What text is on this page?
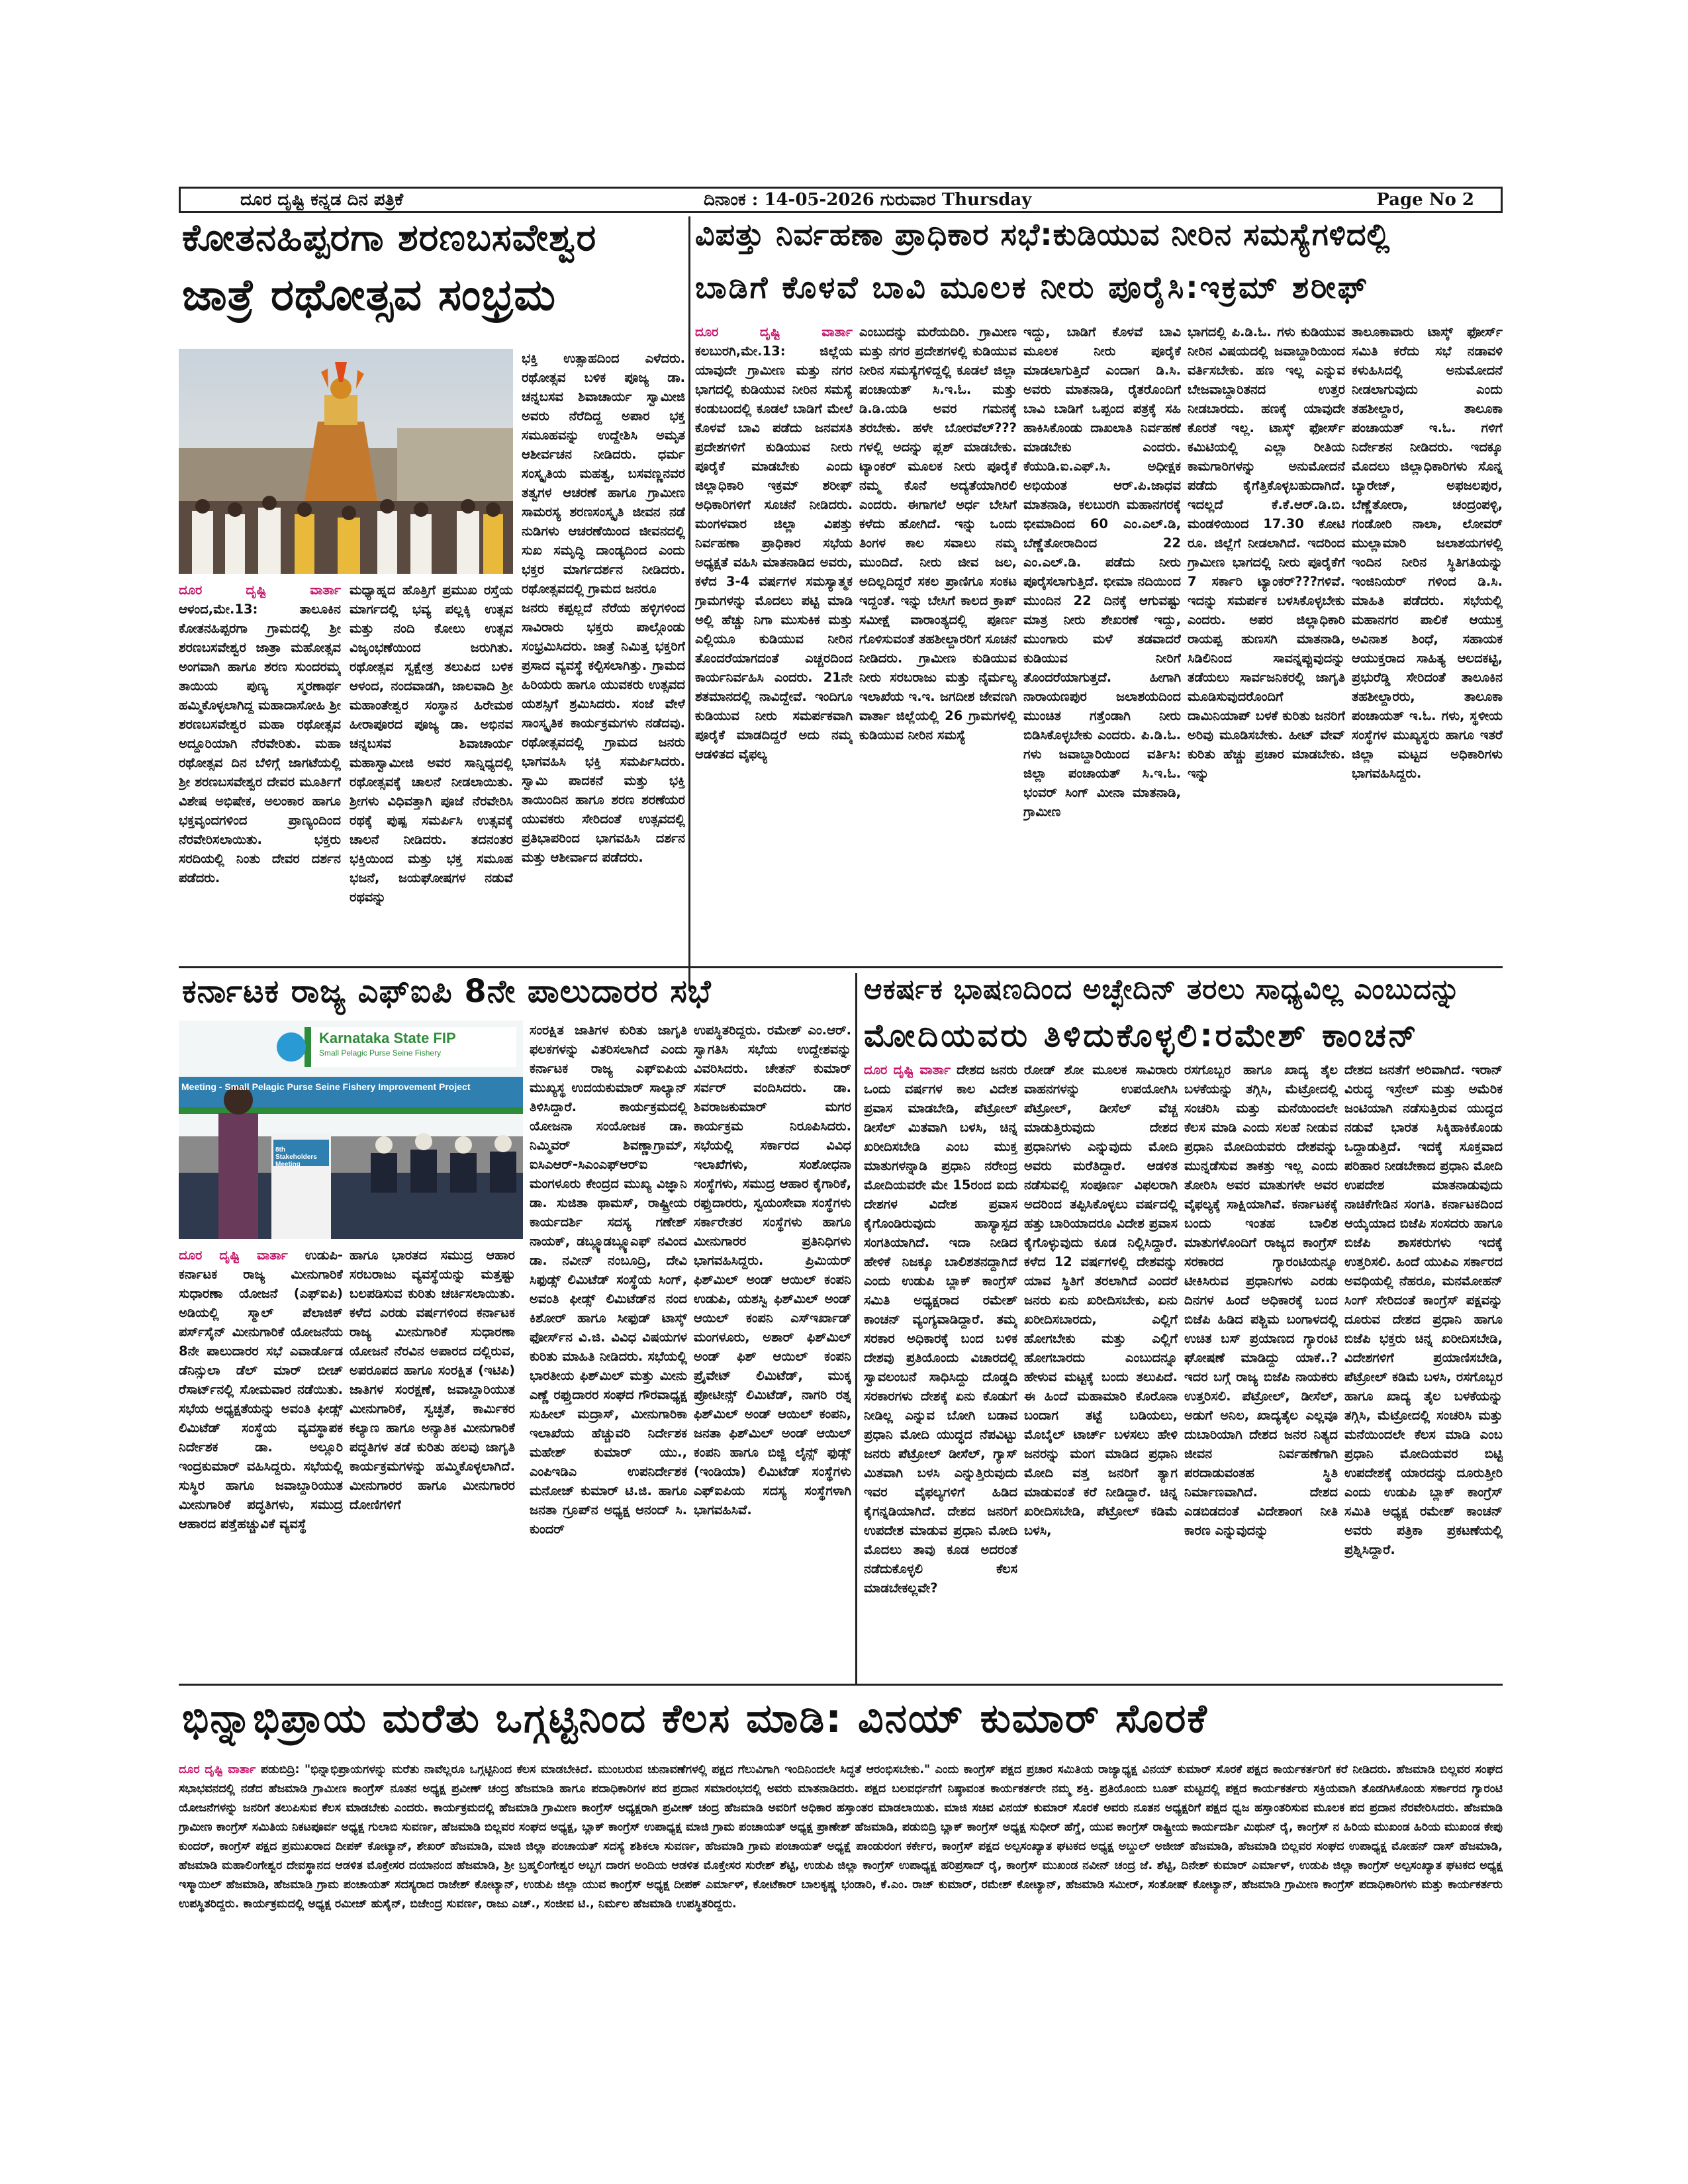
ದೂರ ದೃಷ್ಟಿ ಕನ್ನಡ ದಿನ ಪತ್ರಿಕೆ	ದಿನಾಂಕ : 14-05-2026 ಗುರುವಾರ Thursday	Page No 2
ಕೋತನಹಿಪ್ಪರಗಾ ಶರಣಬಸವೇಶ್ವರ
ಜಾತ್ರೆ ರಥೋತ್ಸವ ಸಂಭ್ರಮ

ದೂರ ದೃಷ್ಟಿ ವಾರ್ತಾ ಆಳಂದ,ಮೇ.13: ತಾಲೂಕಿನ ಕೋತನಹಿಪ್ಪರಗಾ ಗ್ರಾಮದಲ್ಲಿ ಶ್ರೀ ಶರಣಬಸವೇಶ್ವರ ಜಾತ್ರಾ ಮಹೋತ್ಸವ ಅಂಗವಾಗಿ ಹಾಗೂ ಶರಣ ಸುಂದರಮ್ಮ ತಾಯಿಯ ಪುಣ್ಯ ಸ್ಮರಣಾರ್ಥ ಹಮ್ಮಿಕೊಳ್ಳಲಾಗಿದ್ದ ಮಹಾದಾಸೋಹಿ ಶ್ರೀ ಶರಣಬಸವೇಶ್ವರ ಮಹಾ ರಥೋತ್ಸವ ಅದ್ದೂರಿಯಾಗಿ ನೆರವೇರಿತು. ಮಹಾ ರಥೋತ್ಸವ ದಿನ ಬೆಳಿಗ್ಗೆ ಜಾಗಟೆಯಲ್ಲಿ ಶ್ರೀ ಶರಣಬಸವೇಶ್ವರ ದೇವರ ಮೂರ್ತಿಗೆ ವಿಶೇಷ ಅಭಿಷೇಕ, ಅಲಂಕಾರ ಹಾಗೂ ಭಕ್ತವೃಂದಗಳಿಂದ ಪ್ರಾಣ್ಯಂದಿಂದ ನೆರವೇರಿಸಲಾಯಿತು. ಭಕ್ತರು ಸರದಿಯಲ್ಲಿ ನಿಂತು ದೇವರ ದರ್ಶನ ಪಡೆದರು.

ಮಧ್ಯಾಹ್ನದ ಹೊತ್ತಿಗೆ ಪ್ರಮುಖ ರಸ್ತೆಯ ಮಾರ್ಗದಲ್ಲಿ ಭವ್ಯ ಪಲ್ಲಕ್ಕಿ ಉತ್ಸವ ಮತ್ತು ನಂದಿ ಕೋಲು ಉತ್ಸವ ವಿಜೃಂಭಣೆಯಿಂದ ಜರುಗಿತು. ರಥೋತ್ಸವ ಸ್ವಕ್ಷೇತ್ರ ತಲುಪಿದ ಬಳಿಕ ಆಳಂದ, ನಂದವಾಡಗಿ, ಜಾಲವಾದಿ ಶ್ರೀ ಮಹಾಂತೇಶ್ವರ ಸಂಸ್ಥಾನ ಹಿರೇಮಠ ಹೀರಾಪೂರದ ಪೂಜ್ಯ ಡಾ. ಅಭಿನವ ಚನ್ನಬಸವ ಶಿವಾಚಾರ್ಯ ಮಹಾಸ್ವಾಮೀಜಿ ಅವರ ಸಾನ್ನಿಧ್ಯದಲ್ಲಿ ರಥೋತ್ಸವಕ್ಕೆ ಚಾಲನೆ ನೀಡಲಾಯಿತು. ಶ್ರೀಗಳು ವಿಧಿವತ್ತಾಗಿ ಪೂಜೆ ನೆರವೇರಿಸಿ ರಥಕ್ಕೆ ಪುಷ್ಪ ಸಮರ್ಪಿಸಿ ಉತ್ಸವಕ್ಕೆ ಚಾಲನೆ ನೀಡಿದರು. ತದನಂತರ ಭಕ್ತಿಯಿಂದ ಮತ್ತು ಭಕ್ತ ಸಮೂಹ ಭಜನೆ, ಜಯಘೋಷಗಳ ನಡುವೆ ರಥವನ್ನು

ಭಕ್ತಿ ಉತ್ಸಾಹದಿಂದ ಎಳೆದರು. ರಥೋತ್ಸವ ಬಳಿಕ ಪೂಜ್ಯ ಡಾ. ಚನ್ನಬಸವ ಶಿವಾಚಾರ್ಯ ಸ್ವಾಮೀಜಿ ಅವರು ನೆರೆದಿದ್ದ ಅಪಾರ ಭಕ್ತ ಸಮೂಹವನ್ನು ಉದ್ದೇಶಿಸಿ ಅಮೃತ ಆಶೀರ್ವಚನ ನೀಡಿದರು. ಧರ್ಮ ಸಂಸ್ಕೃತಿಯ ಮಹತ್ವ, ಬಸವಣ್ಣನವರ ತತ್ವಗಳ ಆಚರಣೆ ಹಾಗೂ ಗ್ರಾಮೀಣ ಸಾಮರಸ್ಯ ಶರಣಸಂಸ್ಕೃತಿ ಜೀವನ ನಡೆ ನುಡಿಗಳು ಆಚರಣೆಯಿಂದ ಜೀವನದಲ್ಲಿ ಸುಖ ಸಮೃದ್ಧಿ ದಾಂಡ್ಯದಿಂದ ಎಂದು ಭಕ್ತರ ಮಾರ್ಗದರ್ಶನ ನೀಡಿದರು. ರಥೋತ್ಸವದಲ್ಲಿ ಗ್ರಾಮದ ಜನರೂ

ಜನರು ಕಪ್ಪಲ್ಲದೆ ನೆರೆಯ ಹಳ್ಳಿಗಳಿಂದ ಸಾವಿರಾರು ಭಕ್ತರು ಪಾಲ್ಗೊಂಡು ಸಂಭ್ರಮಿಸಿದರು. ಜಾತ್ರೆ ನಿಮಿತ್ತ ಭಕ್ತರಿಗೆ ಪ್ರಸಾದ ವ್ಯವಸ್ಥೆ ಕಲ್ಪಿಸಲಾಗಿತ್ತು. ಗ್ರಾಮದ ಹಿರಿಯರು ಹಾಗೂ ಯುವಕರು ಉತ್ಸವದ ಯಶಸ್ಸಿಗೆ ಶ್ರಮಿಸಿದರು. ಸಂಜೆ ವೇಳೆ ಸಾಂಸ್ಕೃತಿಕ ಕಾರ್ಯಕ್ರಮಗಳು ನಡೆದವು. ರಥೋತ್ಸವದಲ್ಲಿ ಗ್ರಾಮದ ಜನರು ಭಾಗವಹಿಸಿ ಭಕ್ತಿ ಸಮರ್ಪಿಸಿದರು. ಸ್ವಾಮಿ ಪಾದಕನೆ ಮತ್ತು ಭಕ್ತಿ ತಾಯಿಂದಿನ ಹಾಗೂ ಶರಣ ಶರಣೆಯರ ಯುವಕರು ಸೇರಿದಂತೆ ಉತ್ಸವದಲ್ಲಿ ಪ್ರತಿಭಾಪರಿಂದ ಭಾಗವಹಿಸಿ ದರ್ಶನ ಮತ್ತು ಆಶೀರ್ವಾದ ಪಡೆದರು.

ವಿಪತ್ತು ನಿರ್ವಹಣಾ ಪ್ರಾಧಿಕಾರ ಸಭೆ:ಕುಡಿಯುವ ನೀರಿನ ಸಮಸ್ಯೆಗಳಿದಲ್ಲಿ
ಬಾಡಿಗೆ ಕೊಳವೆ ಬಾವಿ ಮೂಲಕ ನೀರು ಪೂರೈಸಿ:ಇಕ್ರಮ್ ಶರೀಫ್

ದೂರ ದೃಷ್ಟಿ ವಾರ್ತಾ ಕಲಬುರಗಿ,ಮೇ.13: ಜಿಲ್ಲೆಯ ಯಾವುದೇ ಗ್ರಾಮೀಣ ಮತ್ತು ನಗರ ಭಾಗದಲ್ಲಿ ಕುಡಿಯುವ ನೀರಿನ ಸಮಸ್ಯೆ ಕಂಡುಬಂದಲ್ಲಿ ಕೂಡಲೆ ಬಾಡಿಗೆ ಮೇಲೆ ಕೊಳವೆ ಬಾವಿ ಪಡೆದು ಜನವಸತಿ ಪ್ರದೇಶಗಳಿಗೆ ಕುಡಿಯುವ ನೀರು ಪೂರೈಕೆ ಮಾಡಬೇಕು ಎಂದು ಜಿಲ್ಲಾಧಿಕಾರಿ ಇಕ್ರಮ್ ಶರೀಫ್ ಅಧಿಕಾರಿಗಳಿಗೆ ಸೂಚನೆ ನೀಡಿದರು. ಮಂಗಳವಾರ ಜಿಲ್ಲಾ ವಿಪತ್ತು ನಿರ್ವಹಣಾ ಪ್ರಾಧಿಕಾರ ಸಭೆಯ ಅಧ್ಯಕ್ಷತೆ ವಹಿಸಿ ಮಾತನಾಡಿದ ಅವರು, ಕಳೆದ 3-4 ವರ್ಷಗಳ ಸಮಸ್ಯಾತ್ಮಕ ಗ್ರಾಮಗಳನ್ನು ಮೊದಲು ಪಟ್ಟಿ ಮಾಡಿ ಅಲ್ಲಿ ಹೆಚ್ಚು ನಿಗಾ ಮುಸುಕಿಕ ಮತ್ತು ಎಲ್ಲಿಯೂ ಕುಡಿಯುವ ನೀರಿನ ತೊಂದರೆಯಾಗದಂತೆ ಎಚ್ಚರದಿಂದ ಕಾರ್ಯನಿರ್ವಹಿಸಿ ಎಂದರು. 21ನೇ ಶತಮಾನದಲ್ಲಿ ನಾವಿದ್ದೇವೆ. ಇಂದಿಗೂ ಕುಡಿಯುವ ನೀರು ಸಮರ್ಪಕವಾಗಿ ಪೂರೈಕೆ ಮಾಡದಿದ್ದರೆ ಅದು ನಮ್ಮ ಆಡಳಿತದ ವೈಫಲ್ಯ

ಎಂಬುದನ್ನು ಮರೆಯದಿರಿ. ಗ್ರಾಮೀಣ ಮತ್ತು ನಗರ ಪ್ರದೇಶಗಳಲ್ಲಿ ಕುಡಿಯುವ ನೀರಿನ ಸಮಸ್ಯೆಗಳಿದ್ದಲ್ಲಿ ಕೂಡಲೆ ಜಿಲ್ಲಾ ಪಂಚಾಯತ್ ಸಿ.ಇ.ಓ. ಮತ್ತು ಡಿ.ಡಿ.ಯಡಿ ಅವರ ಗಮನಕ್ಕೆ ತರಬೇಕು. ಹಳೇ ಬೋರವೆಲ್???ಗಳಲ್ಲಿ ಅದನ್ನು ಪ್ಲಶ್ ಮಾಡಬೇಕು. ಟ್ಯಾಂಕರ್ ಮೂಲಕ ನೀರು ಪೂರೈಕೆ ನಮ್ಮ ಕೊನೆ ಅದ್ಯತೆಯಾಗಿರಲಿ ಎಂದರು. ಈಗಾಗಲೆ ಅರ್ಧ ಬೇಸಿಗೆ ಕಳೆದು ಹೋಗಿದೆ. ಇನ್ನು ಒಂದು ತಿಂಗಳ ಕಾಲ ಸವಾಲು ನಮ್ಮ ಮುಂದಿದೆ. ನೀರು ಜೀವ ಜಲ, ಅದಿಲ್ಲದಿದ್ದರೆ ಸಕಲ ಪ್ರಾಣಿಗೂ ಸಂಕಟ ಇದ್ದಂತೆ. ಇನ್ನು ಬೇಸಿಗೆ ಕಾಲದ ಕ್ರಾಪ್ ಸಮೀಕ್ಷೆ ವಾರಾಂತ್ಯದಲ್ಲಿ ಪೂರ್ಣ ಗೊಳಿಸುವಂತೆ ತಹಶೀಲ್ದಾರರಿಗೆ ಸೂಚನೆ ನೀಡಿದರು. ಗ್ರಾಮೀಣ ಕುಡಿಯುವ ನೀರು ಸರಬರಾಜು ಮತ್ತು ನೈರ್ಮಲ್ಯ ಇಲಾಖೆಯ ಇ.ಇ. ಜಗದೀಶ ಜೇವಣಗಿ ವಾರ್ತಾ ಜಿಲ್ಲೆಯಲ್ಲಿ 26 ಗ್ರಾಮಗಳಲ್ಲಿ ಕುಡಿಯುವ ನೀರಿನ ಸಮಸ್ಯೆ
ಇದ್ದು, ಬಾಡಿಗೆ ಕೊಳವೆ ಬಾವಿ ಮೂಲಕ ನೀರು ಪೂರೈಕೆ ಮಾಡಲಾಗುತ್ತಿದೆ ಎಂದಾಗ ಡಿ.ಸಿ. ಅವರು ಮಾತನಾಡಿ, ರೈತರೊಂದಿಗೆ ಬಾವಿ ಬಾಡಿಗೆ ಒಪ್ಪಂದ ಪತ್ರಕ್ಕೆ ಸಹಿ ಹಾಕಿಸಿಕೊಂಡು ದಾಖಲಾತಿ ನಿರ್ವಹಣೆ ಮಾಡಬೇಕು ಎಂದರು. ಕೆಯುಡಿ.ಐ.ಎಫ್.ಸಿ. ಅಧೀಕ್ಷಕ ಅಭಿಯಂತ ಆರ್.ಪಿ.ಜಾಧವ ಮಾತನಾಡಿ, ಕಲಬುರಗಿ ಮಹಾನಗರಕ್ಕೆ ಭೀಮಾದಿಂದ 60 ಎಂ.ಎಲ್.ಡಿ, ಬೆಣ್ಣೆತೋರಾದಿಂದ 22 ಎಂ.ಎಲ್.ಡಿ. ಪಡೆದು ನೀರು ಪೂರೈಸಲಾಗುತ್ತಿದೆ. ಭೀಮಾ ನದಿಯಿಂದ ಮುಂದಿನ 22 ದಿನಕ್ಕೆ ಆಗುವಷ್ಟು ಮಾತ್ರ ನೀರು ಶೇಖರಣೆ ಇದ್ದು, ಮುಂಗಾರು ಮಳೆ ತಡವಾದರೆ ಕುಡಿಯುವ ನೀರಿಗೆ ತೊಂದರೆಯಾಗುತ್ತದೆ. ಹೀಗಾಗಿ ನಾರಾಯಣಪುರ ಜಲಾಶಯದಿಂದ ಮುಂಚಿತ ಗತ್ತೆಂಡಾಗಿ ನೀರು ಬಿಡಿಸಿಕೊಳ್ಳಬೇಕು ಎಂದರು. ಪಿ.ಡಿ.ಓ. ಗಳು ಜವಾಬ್ದಾರಿಯಿಂದ ವರ್ತಿಸಿ: ಜಿಲ್ಲಾ ಪಂಚಾಯತ್ ಸಿ.ಇ.ಓ. ಭಂವರ್ ಸಿಂಗ್ ಮೀನಾ ಮಾತನಾಡಿ, ಗ್ರಾಮೀಣ
ಭಾಗದಲ್ಲಿ ಪಿ.ಡಿ.ಓ. ಗಳು ಕುಡಿಯುವ ನೀರಿನ ವಿಷಯದಲ್ಲಿ ಜವಾಬ್ದಾರಿಯಿಂದ ವರ್ತಿಸಬೇಕು. ಹಣ ಇಲ್ಲ ಎನ್ನುವ ಬೇಜವಾಬ್ದಾರಿತನದ ಉತ್ತರ ನೀಡಬಾರದು. ಹಣಕ್ಕೆ ಯಾವುದೇ ಕೊರತೆ ಇಲ್ಲ. ಟಾಸ್ಕ್ ಫೋರ್ಸ್ ಕಮಿಟಿಯಲ್ಲಿ ಎಲ್ಲಾ ರೀತಿಯ ಕಾಮಗಾರಿಗಳನ್ನು ಅನುಮೋದನೆ ಪಡೆದು ಕೈಗೆತ್ತಿಕೊಳ್ಳಬಹುದಾಗಿದೆ. ಇದಲ್ಲದೆ ಕೆ.ಕೆ.ಆರ್.ಡಿ.ಬಿ. ಮಂಡಳಿಯಿಂದ 17.30 ಕೋಟಿ ರೂ. ಜಿಲ್ಲೆಗೆ ನೀಡಲಾಗಿದೆ. ಇದರಿಂದ ಗ್ರಾಮೀಣ ಭಾಗದಲ್ಲಿ ನೀರು ಪೂರೈಕೆಗೆ 7 ಸರ್ಕಾರಿ ಟ್ಯಾಂಕರ್???ಗಳಿವೆ. ಇದನ್ನು ಸಮರ್ಪಕ ಬಳಸಿಕೊಳ್ಳಬೇಕು ಎಂದರು. ಅಪರ ಜಿಲ್ಲಾಧಿಕಾರಿ ರಾಯಪ್ಪ ಹುಣಸಗಿ ಮಾತನಾಡಿ, ಸಿಡಿಲಿನಿಂದ ಸಾವನ್ನಪ್ಪುವುದನ್ನು ತಡೆಯಲು ಸಾರ್ವಜನಿಕರಲ್ಲಿ ಜಾಗೃತಿ ಮೂಡಿಸುವುದರೊಂದಿಗೆ ದಾಮಿನಿಯಾಪ್ ಬಳಕೆ ಕುರಿತು ಜನರಿಗೆ ಅರಿವು ಮೂಡಿಸಬೇಕು. ಹೀಟ್ ವೇವ್ ಕುರಿತು ಹೆಚ್ಚು ಪ್ರಚಾರ ಮಾಡಬೇಕು. ಇನ್ನು
ತಾಲೂಕಾವಾರು ಟಾಸ್ಕ್ ಫೋರ್ಸ್ ಸಮಿತಿ ಕರೆದು ಸಭೆ ನಡಾವಳಿ ಕಳುಹಿಸಿದಲ್ಲಿ ಅನುಮೋದನೆ ನೀಡಲಾಗುವುದು ಎಂದು ತಹಶೀಲ್ದಾರ, ತಾಲೂಕಾ ಪಂಚಾಯತ್ ಇ.ಓ. ಗಳಿಗೆ ನಿರ್ದೇಶನ ನೀಡಿದರು. ಇದಕ್ಕೂ ಮೊದಲು ಜಿಲ್ಲಾಧಿಕಾರಿಗಳು ಸೊನ್ನ ಬ್ಯಾರೇಜ್, ಅಫಜಲಪುರ, ಬೆಣ್ಣೆತೋರಾ, ಚಂದ್ರಂಪಳ್ಳಿ, ಗಂಡೋರಿ ನಾಲಾ, ಲೋವರ್ ಮುಲ್ಲಾಮಾರಿ ಜಲಾಶಯಗಳಲ್ಲಿ ಇಂದಿನ ನೀರಿನ ಸ್ಥಿತಿಗತಿಯನ್ನು ಇಂಜಿನಿಯರ್ ಗಳಿಂದ ಡಿ.ಸಿ. ಮಾಹಿತಿ ಪಡೆದರು. ಸಭೆಯಲ್ಲಿ ಮಹಾನಗರ ಪಾಲಿಕೆ ಆಯುಕ್ತ ಅವಿನಾಶ ಶಿಂಧೆ, ಸಹಾಯಕ ಆಯುಕ್ತರಾದ ಸಾಹಿತ್ಯ ಆಲದಕಟ್ಟಿ, ಪ್ರಭುರೆಡ್ಡಿ ಸೇರಿದಂತೆ ತಾಲೂಕಿನ ತಹಶೀಲ್ದಾರರು, ತಾಲೂಕಾ ಪಂಚಾಯತ್ ಇ.ಓ. ಗಳು, ಸ್ಥಳೀಯ ಸಂಸ್ಥೆಗಳ ಮುಖ್ಯಸ್ಥರು ಹಾಗೂ ಇತರೆ ಜಿಲ್ಲಾ ಮಟ್ಟದ ಅಧಿಕಾರಿಗಳು ಭಾಗವಹಿಸಿದ್ದರು.
ಕರ್ನಾಟಕ ರಾಜ್ಯ ಎಫ್‌ಐಪಿ 8ನೇ ಪಾಲುದಾರರ ಸಭೆ
Karnataka State FIP
Small Pelagic Purse Seine Fishery
Meeting - Small Pelagic Purse Seine Fishery Improvement Project
8th Stakeholders Meeting

ದೂರ ದೃಷ್ಟಿ ವಾರ್ತಾ ಉಡುಪಿ-ಕರ್ನಾಟಕ ರಾಜ್ಯ ಮೀನುಗಾರಿಕೆ ಸುಧಾರಣಾ ಯೋಜನೆ (ಎಫ್‌ಐಪಿ) ಅಡಿಯಲ್ಲಿ ಸ್ಮಾಲ್ ಪೆಲಾಜಿಕ್ ಪರ್ಸ್‌ಸೈನ್ ಮೀನುಗಾರಿಕೆ ಯೋಜನೆಯ 8ನೇ ಪಾಲುದಾರರ ಸಭೆ ಎವಾರ್ಡೊಡ ಡೆನಿನ್ಸುಲಾ ಡೆಲ್ ಮಾರ್ ಬೀಚ್ ರೆಸಾರ್ಟ್‌ನಲ್ಲಿ ಸೋಮವಾರ ನಡೆಯಿತು. ಸಭೆಯ ಅಧ್ಯಕ್ಷತೆಯನ್ನು ಅವಂತಿ ಫೀಡ್ಸ್ ಲಿಮಿಟೆಡ್ ಸಂಸ್ಥೆಯ ವ್ಯವಸ್ಥಾಪಕ ನಿರ್ದೇಶಕ ಡಾ. ಅಲ್ಲೂರಿ ಇಂದ್ರಕುಮಾರ್ ವಹಿಸಿದ್ದರು. ಸಭೆಯಲ್ಲಿ ಸುಸ್ಥಿರ ಹಾಗೂ ಜವಾಬ್ದಾರಿಯುತ ಮೀನುಗಾರಿಕೆ ಪದ್ಧತಿಗಳು, ಸಮುದ್ರ ಆಹಾರದ ಪತ್ತೆಹಚ್ಚುವಿಕೆ ವ್ಯವಸ್ಥೆ

ಹಾಗೂ ಭಾರತದ ಸಮುದ್ರ ಆಹಾರ ಸರಬರಾಜು ವ್ಯವಸ್ಥೆಯನ್ನು ಮತ್ತಷ್ಟು ಬಲಪಡಿಸುವ ಕುರಿತು ಚರ್ಚಿಸಲಾಯಿತು. ಕಳೆದ ಎರಡು ವರ್ಷಗಳಿಂದ ಕರ್ನಾಟಕ ರಾಜ್ಯ ಮೀನುಗಾರಿಕೆ ಸುಧಾರಣಾ ಯೋಜನೆ ನೆರವಿನ ಅಪಾರದ ದಲ್ಲಿರುವ, ಅಪರೂಪದ ಹಾಗೂ ಸಂರಕ್ಷಿತ (ಇಟಿಪಿ) ಜಾತಿಗಳ ಸಂರಕ್ಷಣೆ, ಜವಾಬ್ದಾರಿಯುತ ಮೀನುಗಾರಿಕೆ, ಸ್ವಚ್ಛತೆ, ಕಾರ್ಮಿಕರ ಕಲ್ಯಾಣ ಹಾಗೂ ಅನ್ಯಾತಿಕ ಮೀನುಗಾರಿಕೆ ಪದ್ಧತಿಗಳ ತಡೆ ಕುರಿತು ಹಲವು ಜಾಗೃತಿ ಕಾರ್ಯಕ್ರಮಗಳನ್ನು ಹಮ್ಮಿಕೊಳ್ಳಲಾಗಿದೆ. ಮೀನುಗಾರರ ಹಾಗೂ ಮೀನುಗಾರರ ದೋಣಿಗಳಿಗೆ
ಸಂರಕ್ಷಿತ ಜಾತಿಗಳ ಕುರಿತು ಜಾಗೃತಿ ಫಲಕಗಳನ್ನು ವಿತರಿಸಲಾಗಿದೆ ಎಂದು ಕರ್ನಾಟಕ ರಾಜ್ಯ ಎಫ್‌ಐಪಿಯ ಮುಖ್ಯಸ್ಥ ಉದಯಕುಮಾರ್ ಸಾಲ್ಯಾನ್ ತಿಳಿಸಿದ್ದಾರೆ. ಕಾರ್ಯಕ್ರಮದಲ್ಲಿ ಯೋಜನಾ ಸಂಯೋಜಕ ಡಾ. ನಿಮ್ಮಿವರ್ ಶಿವಣ್ಣಾಗ್ರಾಮ್, ಐಸಿಎಆರ್-ಸಿಎಂಎಫ್‌ಆರ್‌ಐ ಮಂಗಳೂರು ಕೇಂದ್ರದ ಮುಖ್ಯ ವಿಜ್ಞಾನಿ ಡಾ. ಸುಜಿತಾ ಥಾಮಸ್, ರಾಷ್ಟ್ರೀಯ ಕಾರ್ಯದರ್ಶಿ ಸದಸ್ಯ ಗಣೇಶ್ ನಾಯಕ್, ಡಬ್ಲ್ಯೂಡಬ್ಲ್ಯೂಎಫ್ ನವಿಂದ ಡಾ. ನವೀನ್ ನಂಬೂದ್ರಿ, ದೇವಿ ಸಿಫುಡ್ಸ್ ಲಿಮಿಟೆಡ್ ಸಂಸ್ಥೆಯ ಸಿಂಗ್, ಅವಂತಿ ಫೀಡ್ಸ್ ಲಿಮಿಟೆಡ್‌ನ ನಂದ ಕಿಶೋರ್ ಹಾಗೂ ಸೀಫುಡ್ ಟಾಸ್ಕ್ ಫೋರ್ಸ್‌ನ ವಿ.ಜಿ. ವಿವಿಧ ವಿಷಯಗಳ ಕುರಿತು ಮಾಹಿತಿ ನೀಡಿದರು. ಸಭೆಯಲ್ಲಿ ಭಾರತೀಯ ಫಿಶ್‌ಮಿಲ್ ಮತ್ತು ಮೀನು ಎಣ್ಣೆ ರಫ್ತುದಾರರ ಸಂಘದ ಗೌರವಾಧ್ಯಕ್ಷ ಸುಹೀಲ್ ಮದ್ರಾಸ್, ಮೀನುಗಾರಿಕಾ ಇಲಾಖೆಯ ಹೆಚ್ಚುವರಿ ನಿರ್ದೇಶಕ ಮಹೇಶ್ ಕುಮಾರ್ ಯು., ಎಂಪಿಇಡಿಎ ಉಪನಿರ್ದೇಶಕ ಮನೋಜ್ ಕುಮಾರ್ ಟಿ.ಜಿ. ಹಾಗೂ ಜನತಾ ಗ್ರೂಪ್‌ನ ಅಧ್ಯಕ್ಷ ಆನಂದ್ ಸಿ. ಕುಂದರ್
ಉಪಸ್ಥಿತರಿದ್ದರು. ರಮೇಶ್ ಎಂ.ಆರ್. ಸ್ವಾಗತಿಸಿ ಸಭೆಯ ಉದ್ದೇಶವನ್ನು ವಿವರಿಸಿದರು. ಚೇತನ್ ಕುಮಾರ್ ಸರ್ವರ್ ವಂದಿಸಿದರು. ಡಾ. ಶಿವರಾಜಕುಮಾರ್ ಮಗರ ಕಾರ್ಯಕ್ರಮ ನಿರೂಪಿಸಿದರು. ಸಭೆಯಲ್ಲಿ ಸರ್ಕಾರದ ವಿವಿಧ ಇಲಾಖೆಗಳು, ಸಂಶೋಧನಾ ಸಂಸ್ಥೆಗಳು, ಸಮುದ್ರ ಆಹಾರ ಕೈಗಾರಿಕೆ, ರಫ್ತುದಾರರು, ಸ್ವಯಂಸೇವಾ ಸಂಸ್ಥೆಗಳು ಸರ್ಕಾರೇತರ ಸಂಸ್ಥೆಗಳು ಹಾಗೂ ಮೀನುಗಾರರ ಪ್ರತಿನಿಧಿಗಳು ಭಾಗವಹಿಸಿದ್ದರು. ಪ್ರಿಮಿಯರ್ ಫಿಶ್‌ಮಿಲ್ ಅಂಡ್ ಆಯಿಲ್ ಕಂಪನಿ ಉಡುಪಿ, ಯಶಸ್ವಿ ಫಿಶ್‌ಮಿಲ್ ಅಂಡ್ ಆಯಿಲ್ ಕಂಪನಿ ಎಸ್‌ಇರ್ಖಾಡ್ ಮಂಗಳೂರು, ಅಶಾರ್ ಫಿಶ್‌ಮಿಲ್ ಅಂಡ್ ಫಿಶ್ ಆಯಿಲ್ ಕಂಪನಿ ಪ್ರೈವೇಟ್ ಲಿಮಿಟೆಡ್, ಮುಕ್ಕ ಪ್ರೋಟೀನ್ಸ್ ಲಿಮಿಟೆಡ್, ನಾಗರಿ ರತ್ನ ಫಿಶ್‌ಮಿಲ್ ಅಂಡ್ ಆಯಿಲ್ ಕಂಪನಿ, ಜನತಾ ಫಿಶ್‌ಮಿಲ್ ಅಂಡ್ ಆಯಿಲ್ ಕಂಪನಿ ಹಾಗೂ ಬಿಜ್ಜಿ ಲೈನ್ಸ್ ಫುಡ್ಸ್ (ಇಂಡಿಯಾ) ಲಿಮಿಟೆಡ್ ಸಂಸ್ಥೆಗಳು ಎಫ್‌ಐಪಿಯ ಸದಸ್ಯ ಸಂಸ್ಥೆಗಳಾಗಿ ಭಾಗವಹಿಸಿವೆ.
ಆಕರ್ಷಕ ಭಾಷಣದಿಂದ ಅಚ್ಛೇದಿನ್ ತರಲು ಸಾಧ್ಯವಿಲ್ಲ ಎಂಬುದನ್ನು
ಮೋದಿಯವರು ತಿಳಿದುಕೊಳ್ಳಲಿ:ರಮೇಶ್ ಕಾಂಚನ್

ದೂರ ದೃಷ್ಟಿ ವಾರ್ತಾ ದೇಶದ ಜನರು ಒಂದು ವರ್ಷಗಳ ಕಾಲ ವಿದೇಶ ಪ್ರವಾಸ ಮಾಡಬೇಡಿ, ಪೆಟ್ರೋಲ್ ಡೀಸೆಲ್ ಮಿತವಾಗಿ ಬಳಸಿ, ಚಿನ್ನ ಖರೀದಿಸಬೇಡಿ ಎಂಬ ಮುಕ್ತ ಮಾತುಗಳನ್ನಾಡಿ ಪ್ರಧಾನಿ ನರೇಂದ್ರ ಮೋದಿಯವರೇ ಮೇ 15ರಂದ ಐದು ದೇಶಗಳ ವಿದೇಶ ಪ್ರವಾಸ ಕೈಗೊಂಡಿರುವುದು ಹಾಸ್ಯಾಸ್ಪದ ಸಂಗತಿಯಾಗಿದೆ. ಇದಾ ನೀಡಿದ ಹೇಳಿಕೆ ನಿಜಕ್ಕೂ ಬಾಲಿಶತನದ್ದಾಗಿದೆ ಎಂದು ಉಡುಪಿ ಬ್ಲಾಕ್ ಕಾಂಗ್ರೆಸ್ ಸಮಿತಿ ಅಧ್ಯಕ್ಷರಾದ ರಮೇಶ್ ಕಾಂಚನ್ ವ್ಯಂಗ್ಯವಾಡಿದ್ದಾರೆ. ತಮ್ಮ ಸರಕಾರ ಅಧಿಕಾರಕ್ಕೆ ಬಂದ ಬಳಿಕ ದೇಶವು ಪ್ರತಿಯೊಂದು ವಿಚಾರದಲ್ಲಿ ಸ್ವಾವಲಂಬನೆ ಸಾಧಿಸಿದ್ದು ದೊಡ್ಡದಿ ಸರಕಾರಗಳು ದೇಶಕ್ಕೆ ಏನು ಕೊಡುಗೆ ನೀಡಿಲ್ಲ ಎನ್ನುವ ಬೋಗಿ ಬಡಾವ ಪ್ರಧಾನಿ ಮೋದಿ ಯುದ್ಧದ ನೆಪವಿಟ್ಟು ಜನರು ಪೆಟ್ರೋಲ್ ಡೀಸೆಲ್, ಗ್ಯಾಸ್ ಮಿತವಾಗಿ ಬಳಸಿ ಎನ್ನುತ್ತಿರುವುದು ಇವರ ವೈಫಲ್ಯಗಳಿಗೆ ಹಿಡಿದ ಕೈಗನ್ನಡಿಯಾಗಿದೆ. ದೇಶದ ಜನರಿಗೆ ಉಪದೇಶ ಮಾಡುವ ಪ್ರಧಾನಿ ಮೋದಿ ಮೊದಲು ತಾವು ಕೂಡ ಅದರಂತೆ ನಡೆದುಕೊಳ್ಳಲಿ ಕೆಲಸ ಮಾಡಬೇಕಲ್ಲವೇ?

ರೋಡ್ ಶೋ ಮೂಲಕ ಸಾವಿರಾರು ವಾಹನಗಳನ್ನು ಉಪಯೋಗಿಸಿ ಪೆಟ್ರೋಲ್, ಡೀಸೆಲ್ ವೆಚ್ಚ ಮಾಡುತ್ತಿರುವುದು ದೇಶದ ಪ್ರಧಾನಿಗಳು ಎನ್ನುವುದು ಮೋದಿ ಅವರು ಮರೆತಿದ್ದಾರೆ. ಆಡಳಿತ ನಡೆಸುವಲ್ಲಿ ಸಂಪೂರ್ಣ ವಿಫಲರಾಗಿ ಅದರಿಂದ ತಪ್ಪಿಸಿಕೊಳ್ಳಲು ವರ್ಷದಲ್ಲಿ ಹತ್ತು ಬಾರಿಯಾದರೂ ವಿದೇಶ ಪ್ರವಾಸ ಕೈಗೊಳ್ಳುವುದು ಕೂಡ ನಿಲ್ಲಿಸಿದ್ದಾರೆ. ಕಳೆದ 12 ವರ್ಷಗಳಲ್ಲಿ ದೇಶವನ್ನು ಯಾವ ಸ್ಥಿತಿಗೆ ತರಲಾಗಿದೆ ಎಂದರೆ ಜನರು ಏನು ಖರೀದಿಸಬೇಕು, ಏನು ಖರೀದಿಸಬಾರದು, ಎಲ್ಲಿಗೆ ಹೋಗಬೇಕು ಮತ್ತು ಎಲ್ಲಿಗೆ ಹೋಗಬಾರದು ಎಂಬುದನ್ನೂ ಹೇಳುವ ಮಟ್ಟಕ್ಕೆ ಬಂದು ತಲುಪಿದೆ. ಈ ಹಿಂದೆ ಮಹಾಮಾರಿ ಕೊರೊನಾ ಬಂದಾಗ ತಟ್ಟೆ ಬಡಿಯಲು, ಮೊಬೈಲ್ ಟಾರ್ಚ್ ಬಳಸಲು ಹೇಳಿ ಜನರನ್ನು ಮಂಗ ಮಾಡಿದ ಪ್ರಧಾನಿ ಮೋದಿ ವತ್ತ ಜನರಿಗೆ ತ್ಯಾಗ ಮಾಡುವಂತೆ ಕರೆ ನೀಡಿದ್ದಾರೆ. ಚಿನ್ನ ಖರೀದಿಸಬೇಡಿ, ಪೆಟ್ರೋಲ್ ಕಡಿಮೆ ಬಳಸಿ,
ರಸಗೊಬ್ಬರ ಹಾಗೂ ಖಾದ್ಯ ತೈಲ ಬಳಕೆಯನ್ನು ತಗ್ಗಿಸಿ, ಮೆಟ್ರೋದಲ್ಲಿ ಸಂಚರಿಸಿ ಮತ್ತು ಮನೆಯಿಂದಲೇ ಕೆಲಸ ಮಾಡಿ ಎಂದು ಸಲಹೆ ನೀಡುವ ಪ್ರಧಾನಿ ಮೋದಿಯವರು ದೇಶವನ್ನು ಮುನ್ನಡೆಸುವ ತಾಕತ್ತು ಇಲ್ಲ ಎಂದು ತೋರಿಸಿ ಅವರ ಮಾತುಗಳೇ ಅವರ ವೈಫಲ್ಯಕ್ಕೆ ಸಾಕ್ಷಿಯಾಗಿವೆ. ಕರ್ನಾಟಕಕ್ಕೆ ಬಂದು ಇಂತಹ ಬಾಲಿಶ ಮಾತುಗಳೊಂದಿಗೆ ರಾಜ್ಯದ ಕಾಂಗ್ರೆಸ್ ಸರಕಾರದ ಗ್ಯಾರಂಟಿಯನ್ನೂ ಟೀಕಿಸಿರುವ ಪ್ರಧಾನಿಗಳು ಎರಡು ದಿನಗಳ ಹಿಂದೆ ಅಧಿಕಾರಕ್ಕೆ ಬಂದ ಬಿಜೆಪಿ ಹಿಡಿದ ಪಶ್ಚಿಮ ಬಂಗಾಳದಲ್ಲಿ ಉಚಿತ ಬಸ್ ಪ್ರಯಾಣದ ಗ್ಯಾರಂಟಿ ಘೋಷಣೆ ಮಾಡಿದ್ದು ಯಾಕೆ..? ಇದರ ಬಗ್ಗೆ ರಾಜ್ಯ ಬಿಜೆಪಿ ನಾಯಕರು ಉತ್ತರಿಸಲಿ. ಪೆಟ್ರೋಲ್, ಡೀಸೆಲ್, ಅಡುಗೆ ಅನಿಲ, ಖಾದ್ಯತೈಲ ಎಲ್ಲವೂ ದುಬಾರಿಯಾಗಿ ದೇಶದ ಜನರ ನಿತ್ಯದ ಜೀವನ ನಿರ್ವಹಣೆಗಾಗಿ ಪರದಾಡುವಂತಹ ಸ್ಥಿತಿ ನಿರ್ಮಾಣವಾಗಿದೆ. ದೇಶದ ಎಡಬಿಡದಂತೆ ವಿದೇಶಾಂಗ ನೀತಿ ಕಾರಣ ಎನ್ನುವುದನ್ನು
ದೇಶದ ಜನತೆಗೆ ಅರಿವಾಗಿದೆ. ಇರಾನ್ ವಿರುದ್ಧ ಇಸ್ರೇಲ್ ಮತ್ತು ಅಮೆರಿಕ ಜಂಟಿಯಾಗಿ ನಡೆಸುತ್ತಿರುವ ಯುದ್ಧದ ನಡುವೆ ಭಾರತ ಸಿಕ್ಕಿಹಾಕಿಕೊಂಡು ಒದ್ದಾಡುತ್ತಿದೆ. ಇದಕ್ಕೆ ಸೂಕ್ತವಾದ ಪರಿಹಾರ ನೀಡಬೇಕಾದ ಪ್ರಧಾನಿ ಮೋದಿ ಉಪದೇಶ ಮಾತನಾಡುವುದು ನಾಚಿಕೆಗೇಡಿನ ಸಂಗತಿ. ಕರ್ನಾಟಕದಿಂದ ಆಯ್ಕೆಯಾದ ಬಿಜೆಪಿ ಸಂಸದರು ಹಾಗೂ ಬಿಜೆಪಿ ಶಾಸಕರುಗಳು ಇದಕ್ಕೆ ಉತ್ತರಿಸಲಿ. ಹಿಂದೆ ಯುಪಿಎ ಸರ್ಕಾರದ ಅವಧಿಯಲ್ಲಿ ನೆಹರೂ, ಮನಮೋಹನ್ ಸಿಂಗ್ ಸೇರಿದಂತೆ ಕಾಂಗ್ರೆಸ್ ಪಕ್ಷವನ್ನು ದೂರುವ ದೇಶದ ಪ್ರಧಾನಿ ಹಾಗೂ ಬಿಜೆಪಿ ಭಕ್ತರು ಚಿನ್ನ ಖರೀದಿಸಬೇಡಿ, ವಿದೇಶಗಳಿಗೆ ಪ್ರಯಾಣಿಸಬೇಡಿ, ಪೆಟ್ರೋಲ್ ಕಡಿಮೆ ಬಳಸಿ, ರಸಗೊಬ್ಬರ ಹಾಗೂ ಖಾದ್ಯ ತೈಲ ಬಳಕೆಯನ್ನು ತಗ್ಗಿಸಿ, ಮೆಟ್ರೋದಲ್ಲಿ ಸಂಚರಿಸಿ ಮತ್ತು ಮನೆಯಿಂದಲೇ ಕೆಲಸ ಮಾಡಿ ಎಂಬ ಪ್ರಧಾನಿ ಮೋದಿಯವರ ಬಿಟ್ಟಿ ಉಪದೇಶಕ್ಕೆ ಯಾರದನ್ನು ದೂರುತ್ತೀರಿ ಎಂದು ಉಡುಪಿ ಬ್ಲಾಕ್ ಕಾಂಗ್ರೆಸ್ ಸಮಿತಿ ಅಧ್ಯಕ್ಷ ರಮೇಶ್ ಕಾಂಚನ್ ಅವರು ಪತ್ರಿಕಾ ಪ್ರಕಟಣೆಯಲ್ಲಿ ಪ್ರಶ್ನಿಸಿದ್ದಾರೆ.
ಭಿನ್ನಾಭಿಪ್ರಾಯ ಮರೆತು ಒಗ್ಗಟ್ಟಿನಿಂದ ಕೆಲಸ ಮಾಡಿ: ವಿನಯ್ ಕುಮಾರ್ ಸೊರಕೆ
ದೂರ ದೃಷ್ಟಿ ವಾರ್ತಾ ಪಡುಬಿದ್ರಿ: "ಭಿನ್ನಾಭಿಪ್ರಾಯಗಳನ್ನು ಮರೆತು ನಾವೆಲ್ಲರೂ ಒಗ್ಗಟ್ಟಿನಿಂದ ಕೆಲಸ ಮಾಡಬೇಕಿದೆ. ಮುಂಬರುವ ಚುನಾವಣೆಗಳಲ್ಲಿ ಪಕ್ಷದ ಗೆಲುವಿಗಾಗಿ ಇಂದಿನಿಂದಲೇ ಸಿದ್ಧತೆ ಆರಂಭಿಸಬೇಕು." ಎಂದು ಕಾಂಗ್ರೆಸ್ ಪಕ್ಷದ ಪ್ರಚಾರ ಸಮಿತಿಯ ರಾಜ್ಯಾಧ್ಯಕ್ಷ ವಿನಯ್ ಕುಮಾರ್ ಸೊರಕೆ ಪಕ್ಷದ ಕಾರ್ಯಕರ್ತರಿಗೆ ಕರೆ ನೀಡಿದರು. ಹೆಜಮಾಡಿ ಬಿಲ್ಲವರ ಸಂಘದ ಸಭಾಭವನದಲ್ಲಿ ನಡೆದ ಹೆಜಮಾಡಿ ಗ್ರಾಮೀಣ ಕಾಂಗ್ರೆಸ್ ನೂತನ ಅಧ್ಯಕ್ಷ ಪ್ರವೀಣ್ ಚಂದ್ರ ಹೆಜಮಾಡಿ ಹಾಗೂ ಪದಾಧಿಕಾರಿಗಳ ಪದ ಪ್ರದಾನ ಸಮಾರಂಭದಲ್ಲಿ ಅವರು ಮಾತನಾಡಿದರು. ಪಕ್ಷದ ಬಲವರ್ಧನೆಗೆ ನಿಷ್ಠಾವಂತ ಕಾರ್ಯಕರ್ತರೇ ನಮ್ಮ ಶಕ್ತಿ. ಪ್ರತಿಯೊಂದು ಬೂತ್ ಮಟ್ಟದಲ್ಲಿ ಪಕ್ಷದ ಕಾರ್ಯಕರ್ತರು ಸಕ್ರಿಯವಾಗಿ ತೊಡಗಿಸಿಕೊಂಡು ಸರ್ಕಾರದ ಗ್ಯಾರಂಟಿ ಯೋಜನೆಗಳನ್ನು ಜನರಿಗೆ ತಲುಪಿಸುವ ಕೆಲಸ ಮಾಡಬೇಕು ಎಂದರು. ಕಾರ್ಯಕ್ರಮದಲ್ಲಿ ಹೆಜಮಾಡಿ ಗ್ರಾಮೀಣ ಕಾಂಗ್ರೆಸ್ ಅಧ್ಯಕ್ಷರಾಗಿ ಪ್ರವೀಣ್ ಚಂದ್ರ ಹೆಜಮಾಡಿ ಅವರಿಗೆ ಅಧಿಕಾರ ಹಸ್ತಾಂತರ ಮಾಡಲಾಯಿತು. ಮಾಜಿ ಸಚಿವ ವಿನಯ್ ಕುಮಾರ್ ಸೊರಕೆ ಅವರು ನೂತನ ಅಧ್ಯಕ್ಷರಿಗೆ ಪಕ್ಷದ ಧ್ವಜ ಹಸ್ತಾಂತರಿಸುವ ಮೂಲಕ ಪದ ಪ್ರದಾನ ನೆರವೇರಿಸಿದರು. ಹೆಜಮಾಡಿ ಗ್ರಾಮೀಣ ಕಾಂಗ್ರೆಸ್ ಸಮಿತಿಯ ನಿಕಟಪೂರ್ವ ಅಧ್ಯಕ್ಷ ಗುಲಾಬಿ ಸುವರ್ಣ, ಹೆಜಮಾಡಿ ಬಿಲ್ಲವರ ಸಂಘದ ಅಧ್ಯಕ್ಷ, ಬ್ಲಾಕ್ ಕಾಂಗ್ರೆಸ್ ಉಪಾಧ್ಯಕ್ಷ ಮಾಜಿ ಗ್ರಾಮ ಪಂಚಾಯತ್ ಅಧ್ಯಕ್ಷ ಪ್ರಾಣೇಶ್ ಹೆಜಮಾಡಿ, ಪಡುಬಿದ್ರಿ ಬ್ಲಾಕ್ ಕಾಂಗ್ರೆಸ್ ಅಧ್ಯಕ್ಷ ಸುಧೀರ್ ಹೆಗ್ಡೆ, ಯುವ ಕಾಂಗ್ರೆಸ್ ರಾಷ್ಟ್ರೀಯ ಕಾರ್ಯದರ್ಶಿ ಮಿಥುನ್ ರೈ, ಕಾಂಗ್ರೆಸ್ ನ ಹಿರಿಯ ಮುಖಂಡ ಹಿರಿಯ ಮುಖಂಡ ಕೇಪು ಕುಂದರ್, ಕಾಂಗ್ರೆಸ್ ಪಕ್ಷದ ಪ್ರಮುಖರಾದ ದೀಪಕ್ ಕೋಟ್ಯಾನ್, ಶೇಖರ್ ಹೆಜಮಾಡಿ, ಮಾಜಿ ಜಿಲ್ಲಾ ಪಂಚಾಯತ್ ಸದಸ್ಯೆ ಶಶಿಕಲಾ ಸುವರ್ಣ, ಹೆಜಮಾಡಿ ಗ್ರಾಮ ಪಂಚಾಯತ್ ಅಧ್ಯಕ್ಷೆ ಪಾಂಡುರಂಗ ಕರ್ಕೇರ, ಕಾಂಗ್ರೆಸ್ ಪಕ್ಷದ ಅಲ್ಪಸಂಖ್ಯಾತ ಘಟಕದ ಅಧ್ಯಕ್ಷ ಅಬ್ದುಲ್ ಅಜೀಜ್ ಹೆಜಮಾಡಿ, ಹೆಜಮಾಡಿ ಬಿಲ್ಲವರ ಸಂಘದ ಉಪಾಧ್ಯಕ್ಷ ಮೋಹನ್ ದಾಸ್ ಹೆಜಮಾಡಿ, ಹೆಜಮಾಡಿ ಮಹಾಲಿಂಗೇಶ್ವರ ದೇವಸ್ಥಾನದ ಆಡಳಿತ ಮೊಕ್ತೇಸರ ದಯಾನಂದ ಹೆಜಮಾಡಿ, ಶ್ರೀ ಬ್ರಹ್ಮಲಿಂಗೇಶ್ವರ ಅಬ್ಬಗ ದಾರಗ ಅಂದಿಯ ಆಡಳಿತ ಮೊಕ್ತೇಸರ ಸುರೇಶ್ ಶೆಟ್ಟಿ, ಉಡುಪಿ ಜಿಲ್ಲಾ ಕಾಂಗ್ರೆಸ್ ಉಪಾಧ್ಯಕ್ಷ ಹರಿಪ್ರಸಾದ್ ರೈ, ಕಾಂಗ್ರೆಸ್ ಮುಖಂಡ ನವೀನ್ ಚಂದ್ರ ಜೆ. ಶೆಟ್ಟಿ, ದಿನೇಶ್ ಕುಮಾರ್ ಎರ್ಮಾಳ್, ಉಡುಪಿ ಜಿಲ್ಲಾ ಕಾಂಗ್ರೆಸ್ ಅಲ್ಪಸಂಖ್ಯಾತ ಘಟಕದ ಅಧ್ಯಕ್ಷ ಇಸ್ಮಾಯಿಲ್ ಹೆಜಮಾಡಿ, ಹೆಜಮಾಡಿ ಗ್ರಾಮ ಪಂಚಾಯತ್ ಸದಸ್ಯರಾದ ರಾಜೇಶ್ ಕೋಟ್ಯಾನ್, ಉಡುಪಿ ಜಿಲ್ಲಾ ಯುವ ಕಾಂಗ್ರೆಸ್ ಅಧ್ಯಕ್ಷ ದೀಪಕ್ ಎರ್ಮಾಳ್, ಕೋಟೆಕಾರ್ ಬಾಲಕೃಷ್ಣ ಭಂಡಾರಿ, ಕೆ.ಎಂ. ರಾಜ್ ಕುಮಾರ್, ರಮೇಶ್ ಕೋಟ್ಯಾನ್, ಹೆಜಮಾಡಿ ಸಮೀರ್, ಸಂತೋಷ್ ಕೋಟ್ಯಾನ್, ಹೆಜಮಾಡಿ ಗ್ರಾಮೀಣ ಕಾಂಗ್ರೆಸ್ ಪದಾಧಿಕಾರಿಗಳು ಮತ್ತು ಕಾರ್ಯಕರ್ತರು ಉಪಸ್ಥಿತರಿದ್ದರು. ಕಾರ್ಯಕ್ರಮದಲ್ಲಿ ಅಧ್ಯಕ್ಷ ರಮೀಜ್ ಹುಸೈನ್, ಬಿಜೇಂದ್ರ ಸುವರ್ಣ, ರಾಜು ಎಚ್., ಸಂಜೀವ ಟಿ., ನಿರ್ಮಲ ಹೆಜಮಾಡಿ ಉಪಸ್ಥಿತರಿದ್ದರು.
